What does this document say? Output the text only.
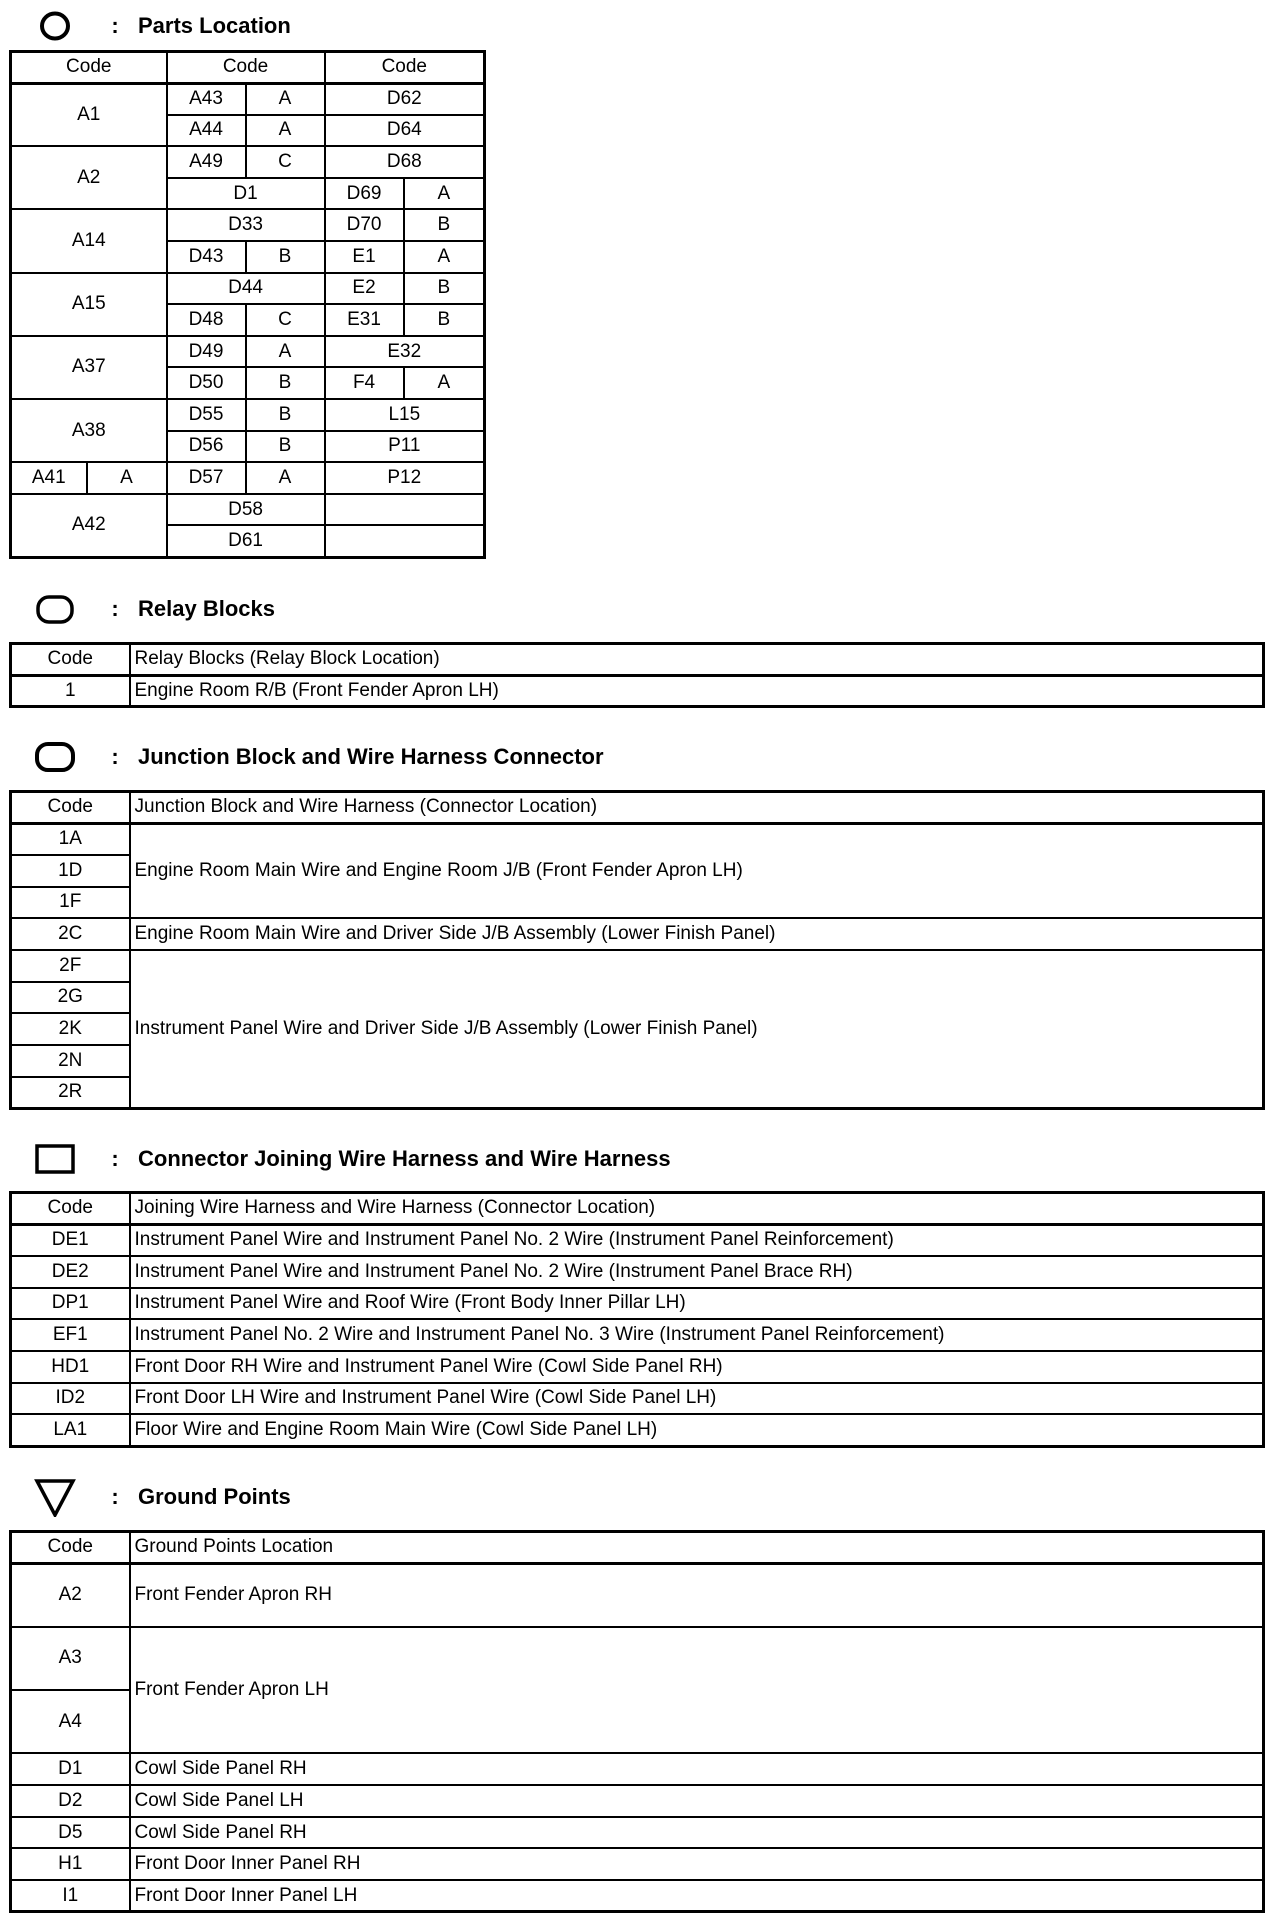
: Parts Location
Code		Code		Code	
A1		A43	A	D62	
		A44	A	D64	
A2		A49	C	D68	
		D1		D69	A
A14		D33		D70	B
		D43	B	E1	A
A15		D44		E2	B
		D48	C	E31	B
A37		D49	A	E32	
		D50	B	F4	A
A38		D55	B	L15	
		D56	B	P11	
A41	A	D57	A	P12	
A42		D58			
		D61			
: Relay Blocks
Code	Relay Blocks (Relay Block Location)
1	Engine Room R/B (Front Fender Apron LH)
: Junction Block and Wire Harness Connector
Code	Junction Block and Wire Harness (Connector Location)
1A	Engine Room Main Wire and Engine Room J/B (Front Fender Apron LH)
1D	
1F	
2C	Engine Room Main Wire and Driver Side J/B Assembly (Lower Finish Panel)
2F	Instrument Panel Wire and Driver Side J/B Assembly (Lower Finish Panel)
2G	
2K	
2N	
2R	
: Connector Joining Wire Harness and Wire Harness
Code	Joining Wire Harness and Wire Harness (Connector Location)
DE1	Instrument Panel Wire and Instrument Panel No. 2 Wire (Instrument Panel Reinforcement)
DE2	Instrument Panel Wire and Instrument Panel No. 2 Wire (Instrument Panel Brace RH)
DP1	Instrument Panel Wire and Roof Wire (Front Body Inner Pillar LH)
EF1	Instrument Panel No. 2 Wire and Instrument Panel No. 3 Wire (Instrument Panel Reinforcement)
HD1	Front Door RH Wire and Instrument Panel Wire (Cowl Side Panel RH)
ID2	Front Door LH Wire and Instrument Panel Wire (Cowl Side Panel LH)
LA1	Floor Wire and Engine Room Main Wire (Cowl Side Panel LH)
: Ground Points
Code	Ground Points Location
A2	Front Fender Apron RH
A3	Front Fender Apron LH
A4	
D1	Cowl Side Panel RH
D2	Cowl Side Panel LH
D5	Cowl Side Panel RH
H1	Front Door Inner Panel RH
I1	Front Door Inner Panel LH
